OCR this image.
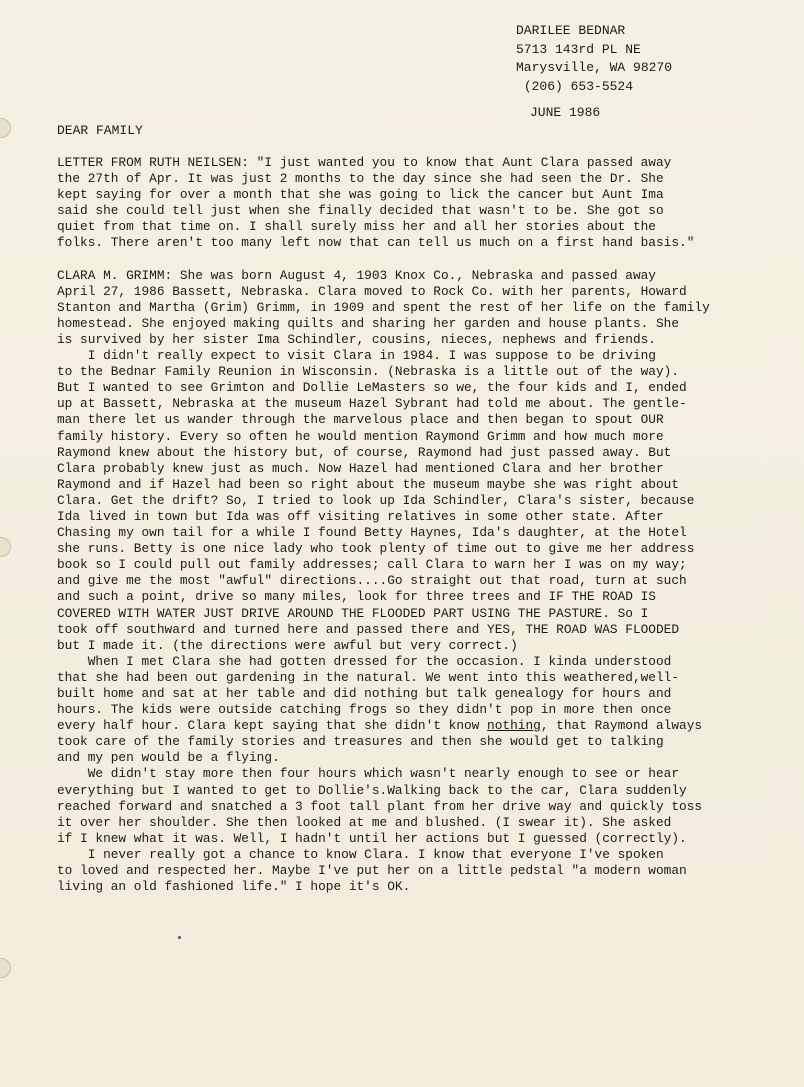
DARILEE BEDNAR
5713 143rd PL NE
Marysville, WA 98270
(206) 653-5524
JUNE 1986
DEAR FAMILY
LETTER FROM RUTH NEILSEN: "I just wanted you to know that Aunt Clara passed away
the 27th of Apr. It was just 2 months to the day since she had seen the Dr. She
kept saying for over a month that she was going to lick the cancer but Aunt Ima
said she could tell just when she finally decided that wasn't to be. She got so
quiet from that time on. I shall surely miss her and all her stories about the
folks. There aren't too many left now that can tell us much on a first hand basis."
CLARA M. GRIMM: She was born August 4, 1903 Knox Co., Nebraska and passed away
April 27, 1986 Bassett, Nebraska. Clara moved to Rock Co. with her parents, Howard
Stanton and Martha (Grim) Grimm, in 1909 and spent the rest of her life on the family
homestead. She enjoyed making quilts and sharing her garden and house plants. She
is survived by her sister Ima Schindler, cousins, nieces, nephews and friends.
I didn't really expect to visit Clara in 1984. I was suppose to be driving
to the Bednar Family Reunion in Wisconsin. (Nebraska is a little out of the way).
But I wanted to see Grimton and Dollie LeMasters so we, the four kids and I, ended
up at Bassett, Nebraska at the museum Hazel Sybrant had told me about. The gentle-
man there let us wander through the marvelous place and then began to spout OUR
family history. Every so often he would mention Raymond Grimm and how much more
Raymond knew about the history but, of course, Raymond had just passed away. But
Clara probably knew just as much. Now Hazel had mentioned Clara and her brother
Raymond and if Hazel had been so right about the museum maybe she was right about
Clara. Get the drift? So, I tried to look up Ida Schindler, Clara's sister, because
Ida lived in town but Ida was off visiting relatives in some other state. After
Chasing my own tail for a while I found Betty Haynes, Ida's daughter, at the Hotel
she runs. Betty is one nice lady who took plenty of time out to give me her address
book so I could pull out family addresses; call Clara to warn her I was on my way;
and give me the most "awful" directions....Go straight out that road, turn at such
and such a point, drive so many miles, look for three trees and IF THE ROAD IS
COVERED WITH WATER JUST DRIVE AROUND THE FLOODED PART USING THE PASTURE. So I
took off southward and turned here and passed there and YES, THE ROAD WAS FLOODED
but I made it. (the directions were awful but very correct.)
When I met Clara she had gotten dressed for the occasion. I kinda understood
that she had been out gardening in the natural. We went into this weathered,well-
built home and sat at her table and did nothing but talk genealogy for hours and
hours. The kids were outside catching frogs so they didn't pop in more then once
every half hour. Clara kept saying that she didn't know nothing, that Raymond always
took care of the family stories and treasures and then she would get to talking
and my pen would be a flying.
We didn't stay more then four hours which wasn't nearly enough to see or hear
everything but I wanted to get to Dollie's.Walking back to the car, Clara suddenly
reached forward and snatched a 3 foot tall plant from her drive way and quickly toss
it over her shoulder. She then looked at me and blushed. (I swear it). She asked
if I knew what it was. Well, I hadn't until her actions but I guessed (correctly).
I never really got a chance to know Clara. I know that everyone I've spoken
to loved and respected her. Maybe I've put her on a little pedstal "a modern woman
living an old fashioned life." I hope it's OK.
